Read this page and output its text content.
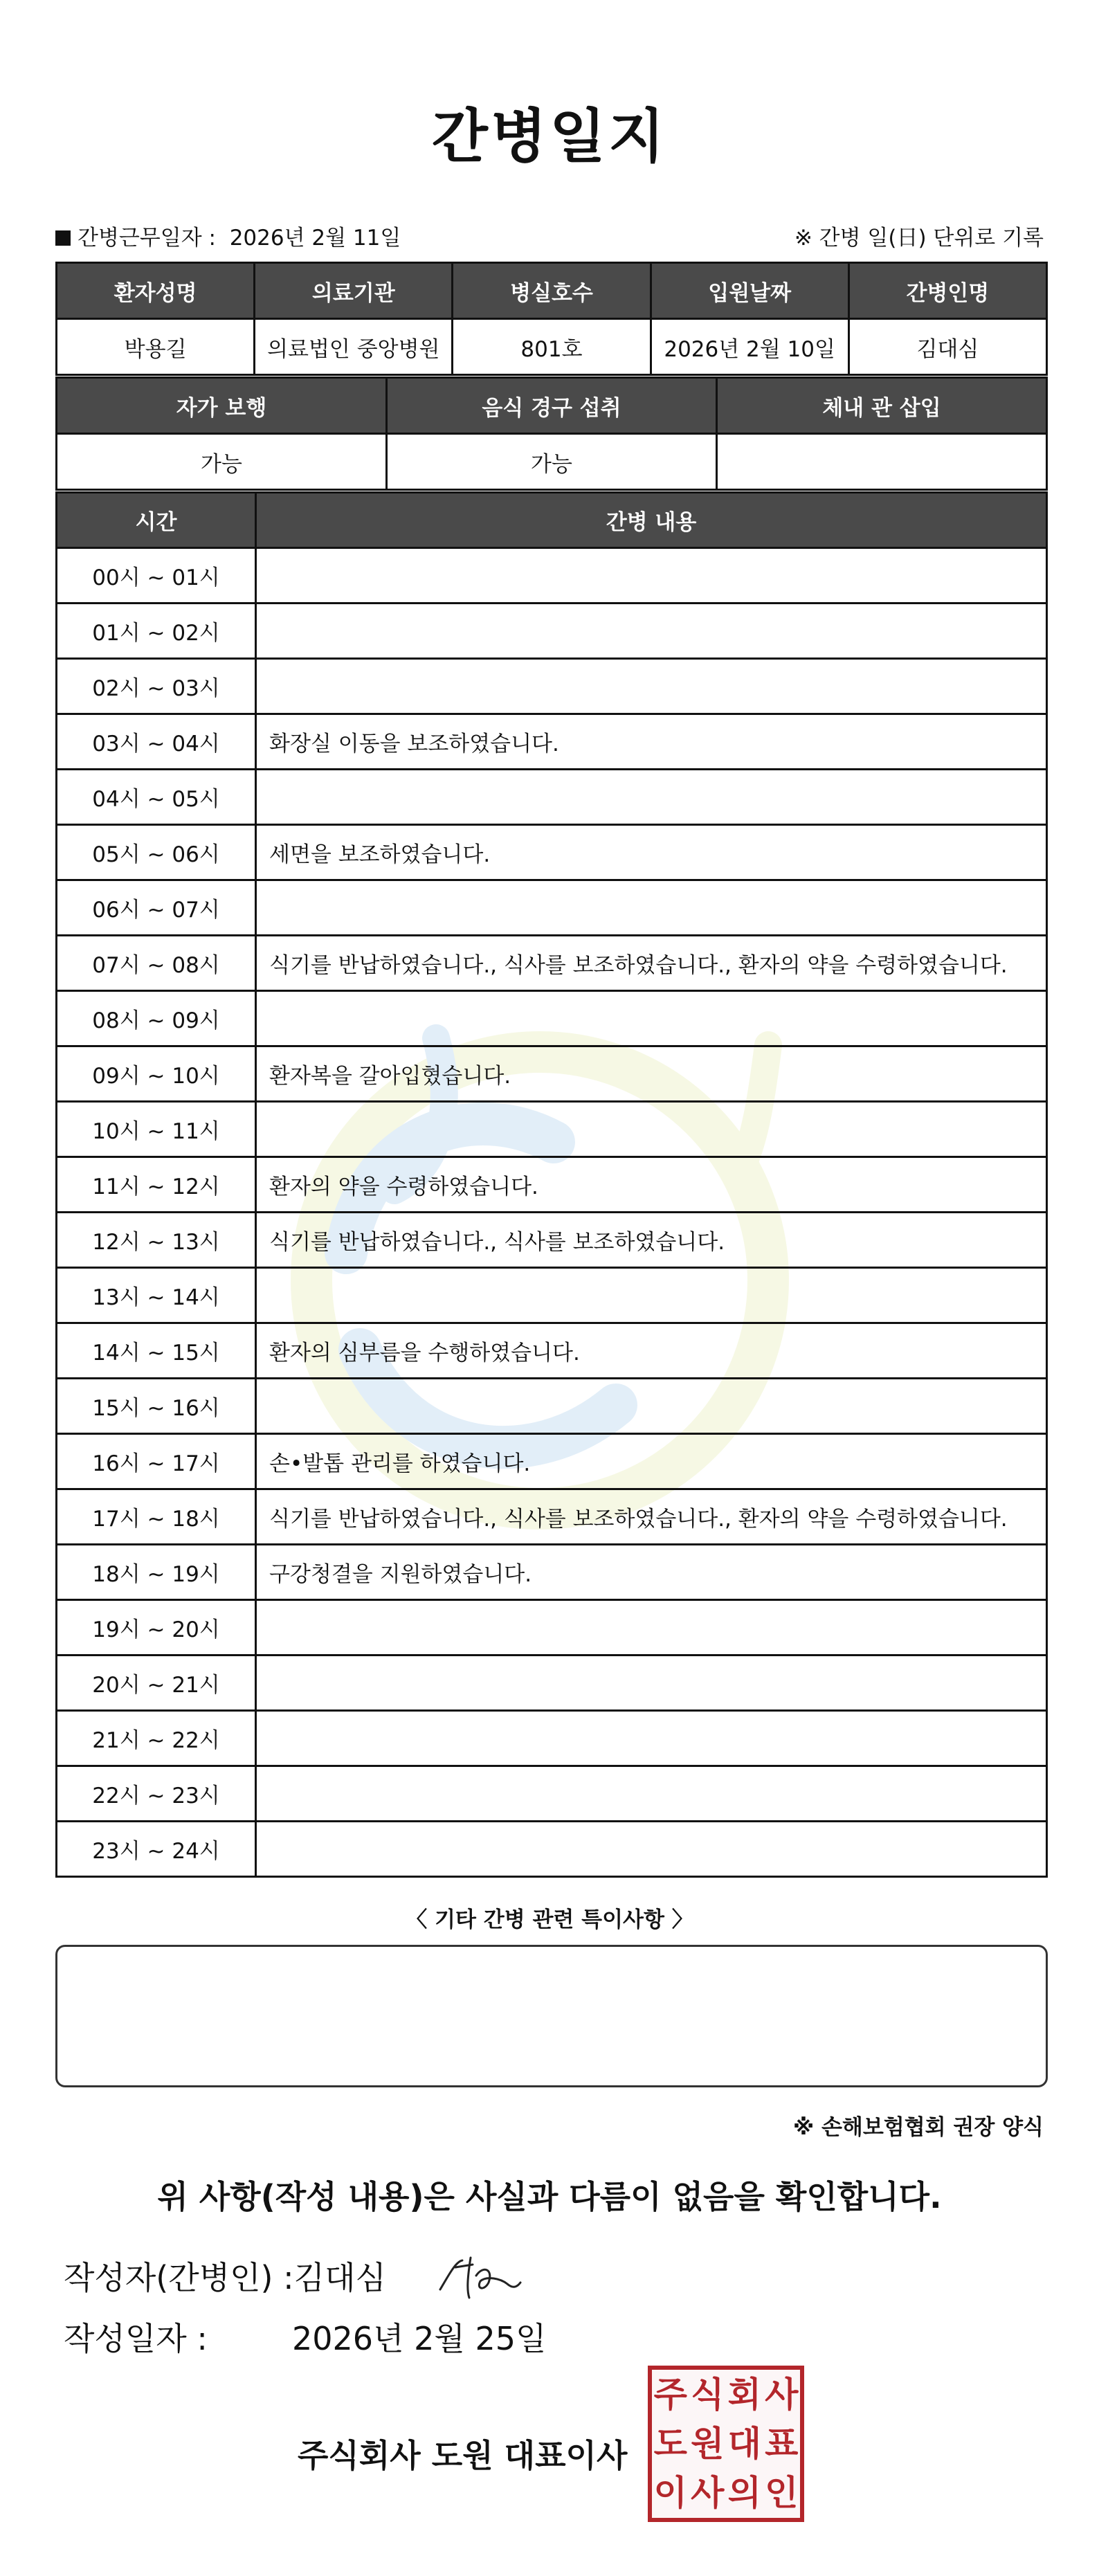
간병일지
간병근무일자 : 2026년 2월 11일	※ 간병 일(日) 단위로 기록
환자성명	의료기관	병실호수	입원날짜	간병인명
박용길	의료법인 중앙병원	801호	2026년 2월 10일	김대심
자가 보행	음식 경구 섭취	체내 관 삽입
가능	가능	
시간	간병 내용
00시 ~ 01시	
01시 ~ 02시	
02시 ~ 03시	
03시 ~ 04시	화장실 이동을 보조하였습니다.
04시 ~ 05시	
05시 ~ 06시	세면을 보조하였습니다.
06시 ~ 07시	
07시 ~ 08시	식기를 반납하였습니다., 식사를 보조하였습니다., 환자의 약을 수령하였습니다.
08시 ~ 09시	
09시 ~ 10시	환자복을 갈아입혔습니다.
10시 ~ 11시	
11시 ~ 12시	환자의 약을 수령하였습니다.
12시 ~ 13시	식기를 반납하였습니다., 식사를 보조하였습니다.
13시 ~ 14시	
14시 ~ 15시	환자의 심부름을 수행하였습니다.
15시 ~ 16시	
16시 ~ 17시	손•발톱 관리를 하였습니다.
17시 ~ 18시	식기를 반납하였습니다., 식사를 보조하였습니다., 환자의 약을 수령하였습니다.
18시 ~ 19시	구강청결을 지원하였습니다.
19시 ~ 20시	
20시 ~ 21시	
21시 ~ 22시	
22시 ~ 23시	
23시 ~ 24시	
〈 기타 간병 관련 특이사항 〉
※ 손해보험협회 권장 양식
위 사항(작성 내용)은 사실과 다름이 없음을 확인합니다.
작성자(간병인) :김대심
작성일자 :	2026년 2월 25일
주식회사 도원 대표이사
주 식 회 사
도 원 대 표
이 사 의 인
